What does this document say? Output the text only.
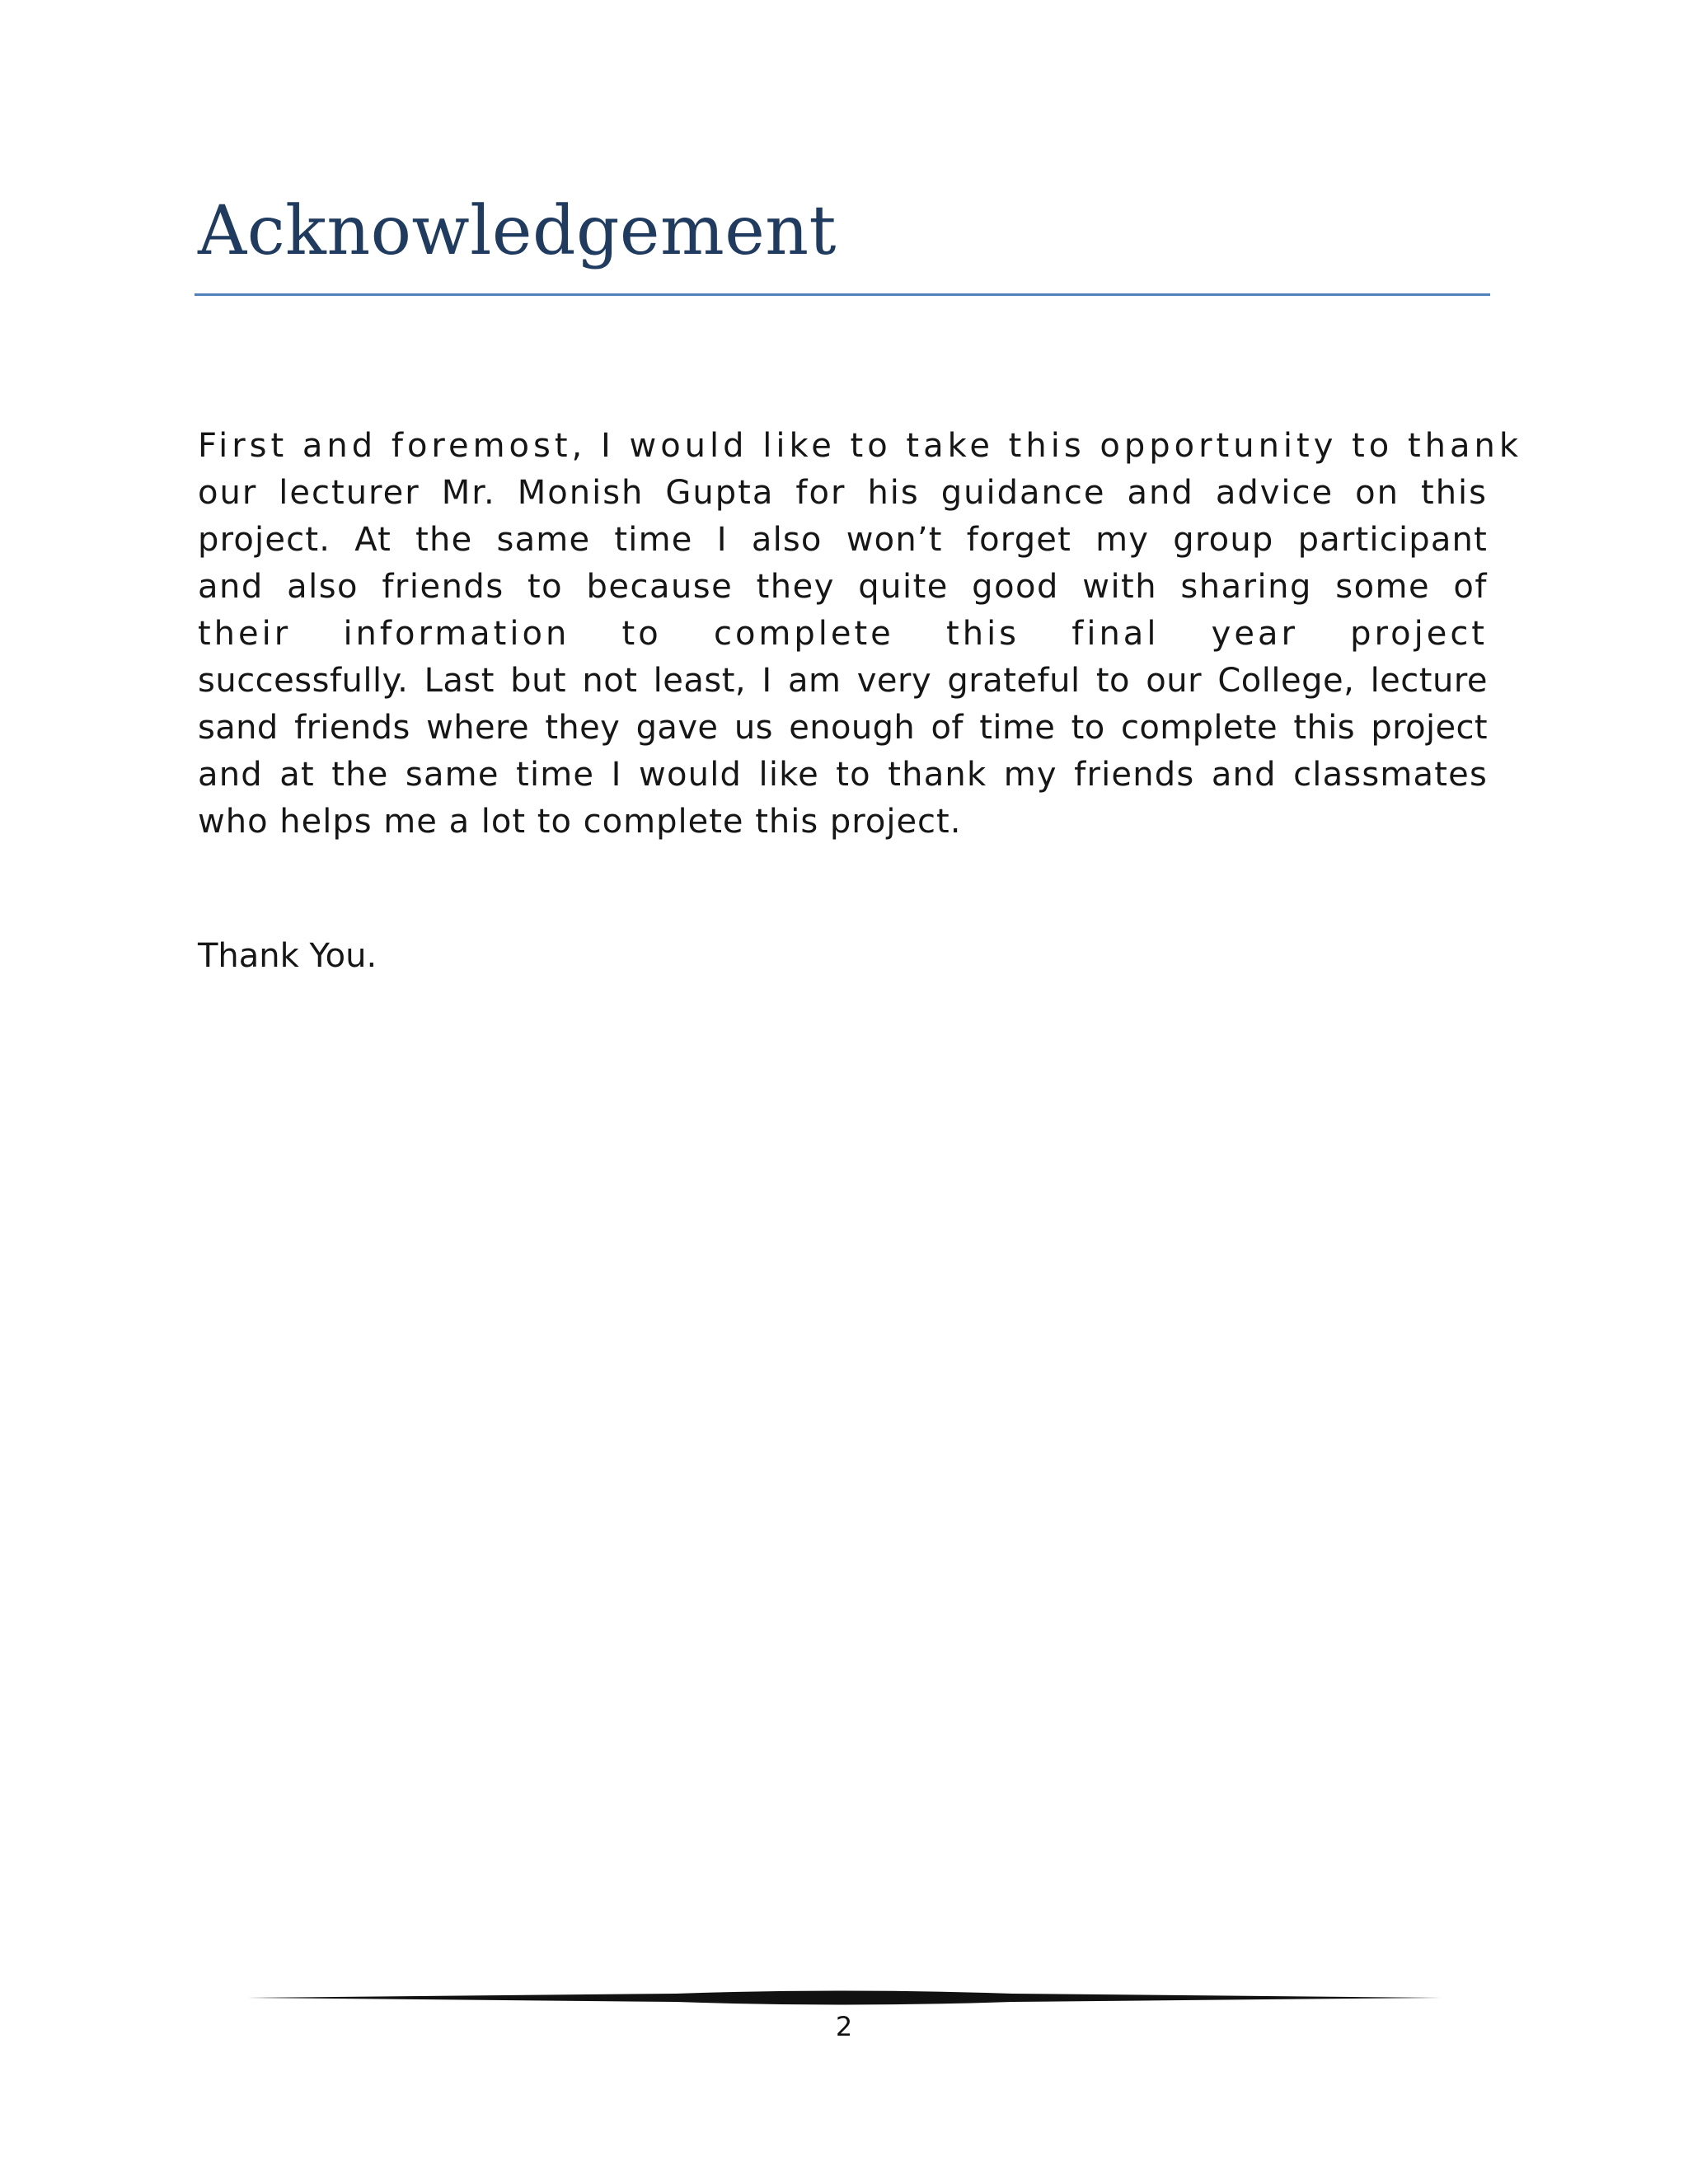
Acknowledgement
First and foremost, I would like to take this opportunity to thank
our lecturer Mr. Monish Gupta for his guidance and advice on this
project. At the same time I also won’t forget my group participant
and also friends to because they quite good with sharing some of
their information to complete this final year project
successfully. Last but not least, I am very grateful to our College, lecture
sand friends where they gave us enough of time to complete this project
and at the same time I would like to thank my friends and classmates
who helps me a lot to complete this project.
Thank You.
2
